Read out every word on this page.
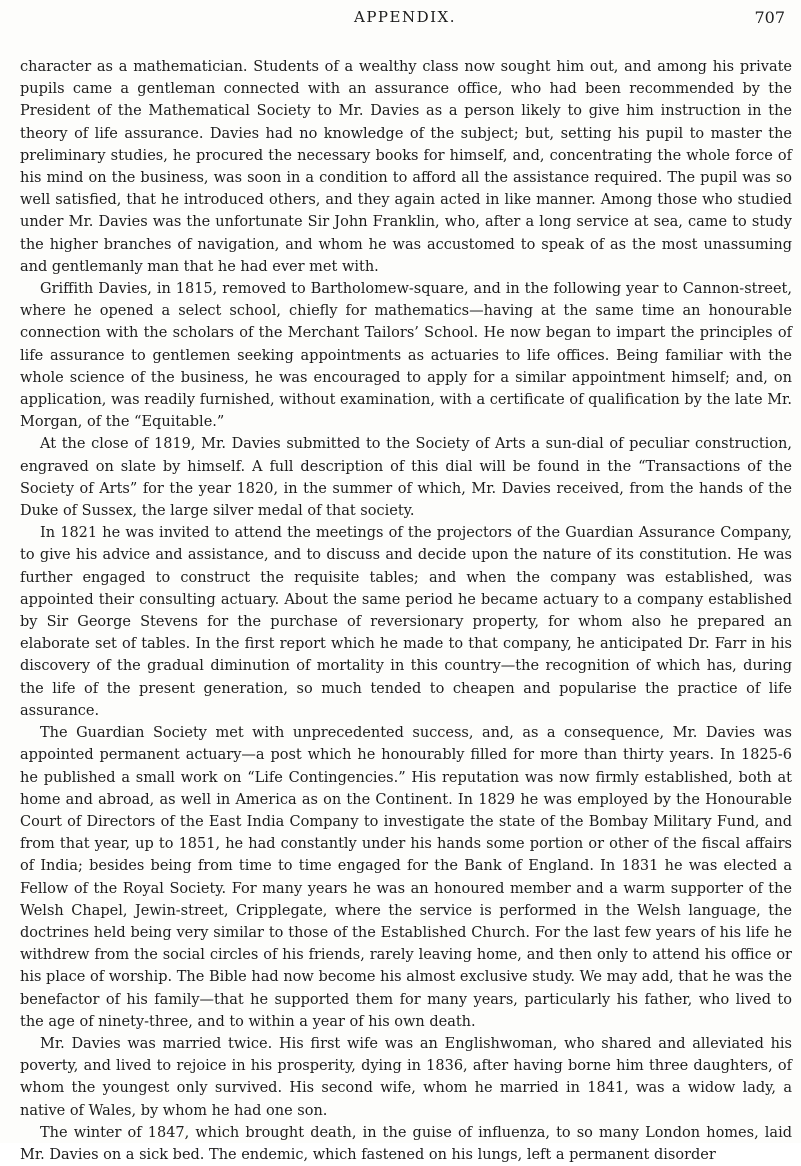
APPENDIX.	707

character as a mathematician. Students of a wealthy class now sought him out, and among his private pupils came a gentleman connected with an assurance office, who had been recommended by the President of the Mathematical Society to Mr. Davies as a person likely to give him instruction in the theory of life assurance. Davies had no knowledge of the subject; but, setting his pupil to master the preliminary studies, he procured the necessary books for himself, and, concentrating the whole force of his mind on the business, was soon in a condition to afford all the assistance required. The pupil was so well satisfied, that he introduced others, and they again acted in like manner. Among those who studied under Mr. Davies was the unfortunate Sir John Franklin, who, after a long service at sea, came to study the higher branches of navigation, and whom he was accustomed to speak of as the most unassuming and gentlemanly man that he had ever met with.

Griffith Davies, in 1815, removed to Bartholomew-square, and in the following year to Cannon-street, where he opened a select school, chiefly for mathematics—having at the same time an honourable connection with the scholars of the Merchant Tailors’ School. He now began to impart the principles of life assurance to gentlemen seeking appointments as actuaries to life offices. Being familiar with the whole science of the business, he was encouraged to apply for a similar appointment himself; and, on application, was readily furnished, without examination, with a certificate of qualification by the late Mr. Morgan, of the “Equitable.”

At the close of 1819, Mr. Davies submitted to the Society of Arts a sun-dial of peculiar construction, engraved on slate by himself. A full description of this dial will be found in the “Transactions of the Society of Arts” for the year 1820, in the summer of which, Mr. Davies received, from the hands of the Duke of Sussex, the large silver medal of that society.

In 1821 he was invited to attend the meetings of the projectors of the Guardian Assurance Company, to give his advice and assistance, and to discuss and decide upon the nature of its constitution. He was further engaged to construct the requisite tables; and when the company was established, was appointed their consulting actuary. About the same period he became actuary to a company established by Sir George Stevens for the purchase of reversionary property, for whom also he prepared an elaborate set of tables. In the first report which he made to that company, he anticipated Dr. Farr in his discovery of the gradual diminution of mortality in this country—the recognition of which has, during the life of the present generation, so much tended to cheapen and popularise the practice of life assurance.

The Guardian Society met with unprecedented success, and, as a consequence, Mr. Davies was appointed permanent actuary—a post which he honourably filled for more than thirty years. In 1825-6 he published a small work on “Life Contingencies.” His reputation was now firmly established, both at home and abroad, as well in America as on the Continent. In 1829 he was employed by the Honourable Court of Directors of the East India Company to investigate the state of the Bombay Military Fund, and from that year, up to 1851, he had constantly under his hands some portion or other of the fiscal affairs of India; besides being from time to time engaged for the Bank of England. In 1831 he was elected a Fellow of the Royal Society. For many years he was an honoured member and a warm supporter of the Welsh Chapel, Jewin-street, Cripplegate, where the service is performed in the Welsh language, the doctrines held being very similar to those of the Established Church. For the last few years of his life he withdrew from the social circles of his friends, rarely leaving home, and then only to attend his office or his place of worship. The Bible had now become his almost exclusive study. We may add, that he was the benefactor of his family—that he supported them for many years, particularly his father, who lived to the age of ninety-three, and to within a year of his own death.

Mr. Davies was married twice. His first wife was an Englishwoman, who shared and alleviated his poverty, and lived to rejoice in his prosperity, dying in 1836, after having borne him three daughters, of whom the youngest only survived. His second wife, whom he married in 1841, was a widow lady, a native of Wales, by whom he had one son.

The winter of 1847, which brought death, in the guise of influenza, to so many London homes, laid Mr. Davies on a sick bed. The endemic, which fastened on his lungs, left a permanent disorder
